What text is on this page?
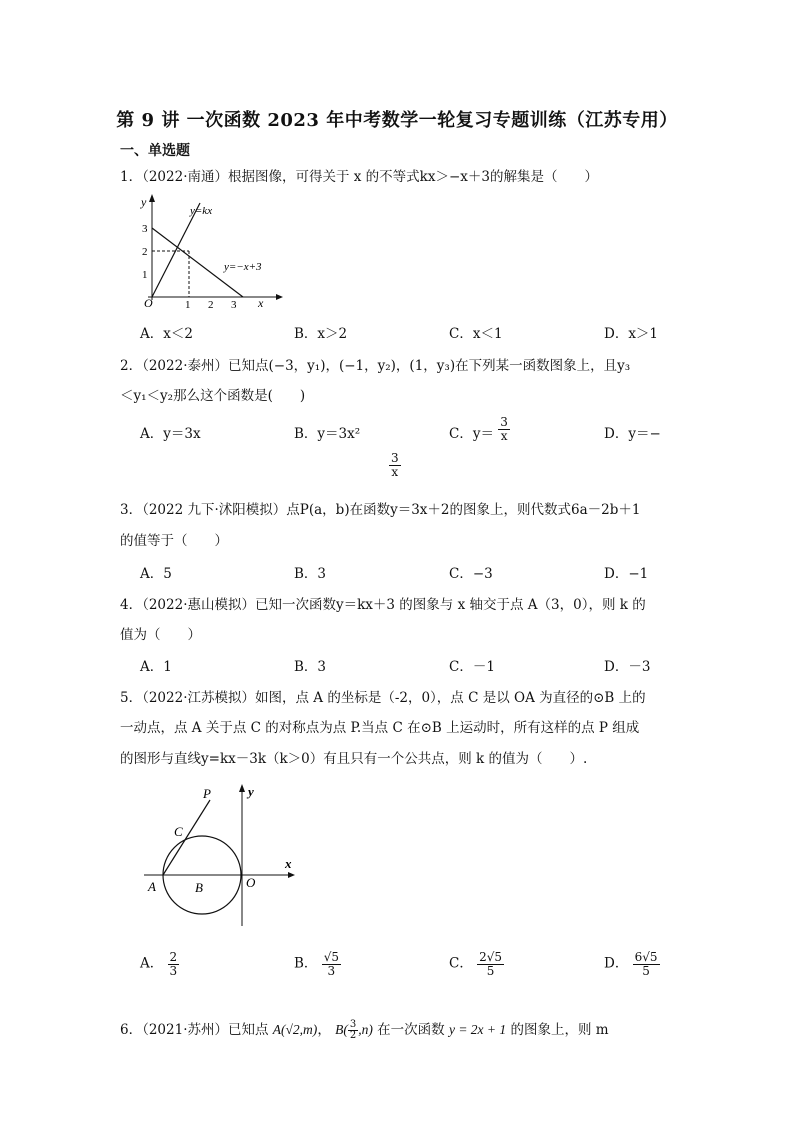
第 9 讲 一次函数 2023 年中考数学一轮复习专题训练（江苏专用）
一、单选题
1．（2022·南通）根据图像，可得关于 x 的不等式kx＞−x＋3的解集是（　　）
y
x
O
3
2
1
1 2 3
y=kx
y=−x+3
A．x＜2	B．x＞2	C．x＜1	D．x＞1
2．（2022·泰州）已知点(−3，y₁)，(−1，y₂)，(1，y₃)在下列某一函数图象上，且y₃
＜y₁＜y₂那么这个函数是(　　)
A．y＝3x	B．y＝3x²	C．$y= \frac{3}{x}$	D．y＝−
$\frac{3}{x}$
3．（2022 九下·沭阳模拟）点P(a，b)在函数y＝3x＋2的图象上，则代数式6a－2b＋1
的值等于（　　）
A．5	B．3	C．−3	D．−1
4．（2022·惠山模拟）已知一次函数y＝kx＋3 的图象与 x 轴交于点 A（3，0），则 k 的
值为（　　）
A．1	B．3	C．－1	D．－3
5．（2022·江苏模拟）如图，点 A 的坐标是（-2，0），点 C 是以 OA 为直径的⊙B 上的
一动点，点 A 关于点 C 的对称点为点 P.当点 C 在⊙B 上运动时，所有这样的点 P 组成
的图形与直线y=kx－3k（k＞0）有且只有一个公共点，则 k 的值为（　　）.
P
C
A	B	O
x
y
A． $\frac{2}{3}$	B． $\frac{√5}{3}$	C． $\frac{2√5}{5}$	D． $\frac{6√5}{5}$
6．（2021·苏州）已知点 A(√2,m)， $B( \frac{3}{2} ,n)$ 在一次函数 y = 2x + 1 的图象上，则 m
